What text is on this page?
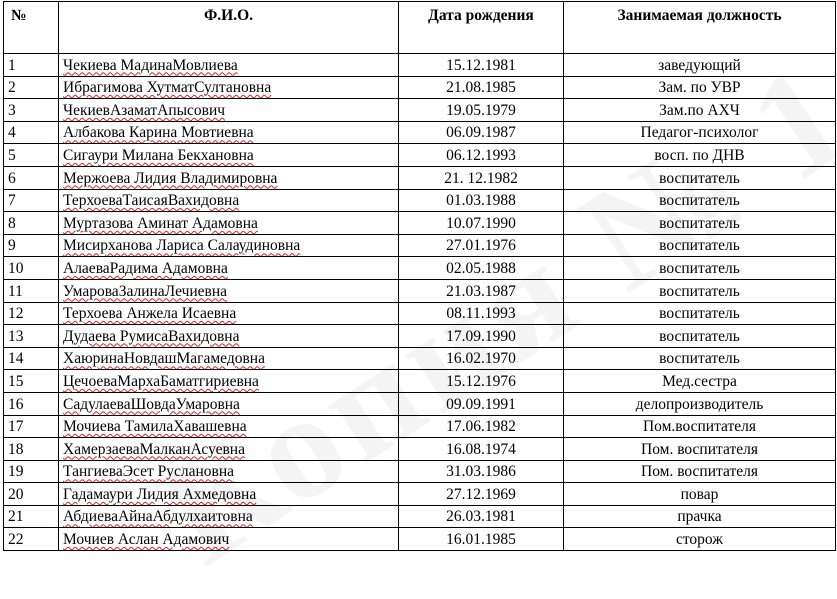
№	Ф.И.О.	Дата рождения	Занимаемая должность
1	Чекиева МадинаМовлиева	15.12.1981	заведующий
2	Ибрагимова ХутматСултановна	21.08.1985	Зам. по УВР
3	ЧекиевАзаматАпысович	19.05.1979	Зам.по АХЧ
4	Албакова Карина Мовтиевна	06.09.1987	Педагог-психолог
5	Сигаури Милана Бекхановна	06.12.1993	восп. по ДНВ
6	Мержоева Лидия Владимировна	21. 12.1982	воспитатель
7	ТерхоеваТаисаяВахидовна	01.03.1988	воспитатель
8	Муртазова Аминат Адамовна	10.07.1990	воспитатель
9	Мисирханова Лариса Салаудиновна	27.01.1976	воспитатель
10	АлаеваРадима Адамовна	02.05.1988	воспитатель
11	УмароваЗалинаЛечиевна	21.03.1987	воспитатель
12	Терхоева Анжела Исаевна	08.11.1993	воспитатель
13	Дудаева РумисаВахидовна	17.09.1990	воспитатель
14	ХаюринаНовдашМагамедовна	16.02.1970	воспитатель
15	ЦечоеваМархаБаматгириевна	15.12.1976	Мед.сестра
16	СадулаеваШовдаУмаровна	09.09.1991	делопроизводитель
17	Мочиева ТамилаХавашевна	17.06.1982	Пом.воспитателя
18	ХамерзаеваМалканАсуевна	16.08.1974	Пом. воспитателя
19	ТангиеваЭсет Руслановна	31.03.1986	Пом. воспитателя
20	Гадамаури Лидия Ахмедовна	27.12.1969	повар
21	АбдиеваАйнаАбдулхаитовна	26.03.1981	прачка
22	Мочиев Аслан Адамович	16.01.1985	сторож
